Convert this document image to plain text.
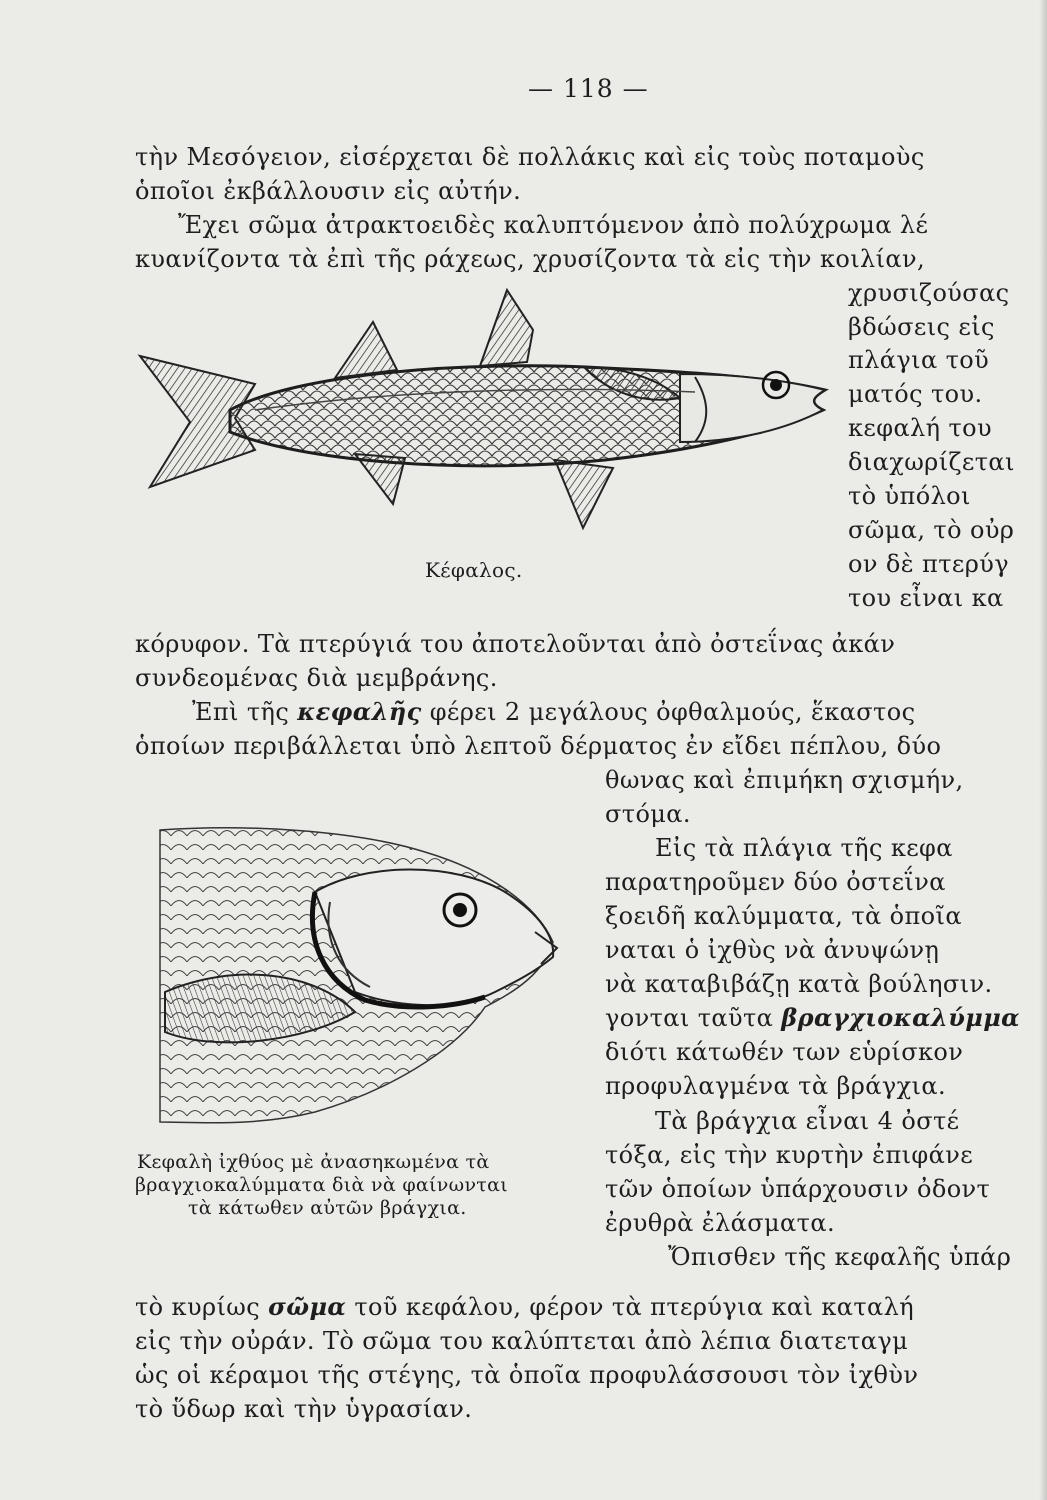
— 118 —
τὴν Μεσόγειον, εἰσέρχεται δὲ πολλάκις καὶ εἰς τοὺς ποταμοὺς
ὁποῖοι ἐκβάλλουσιν εἰς αὐτήν.
Ἔχει σῶμα ἀτρακτοειδὲς καλυπτόμενον ἀπὸ πολύχρωμα λέ
κυανίζοντα τὰ ἐπὶ τῆς ράχεως, χρυσίζοντα τὰ εἰς τὴν κοιλίαν,
χρυσιζούσας
βδώσεις εἰς
πλάγια τοῦ
ματός του.
κεφαλή του
διαχωρίζεται
τὸ ὑπόλοι
σῶμα, τὸ οὐρ
ον δὲ πτερύγ
του εἶναι κα
Κέφαλος.
κόρυφον. Τὰ πτερύγιά του ἀποτελοῦνται ἀπὸ ὀστεΐνας ἀκάν
συνδεομένας διὰ μεμβράνης.
Ἐπὶ τῆς κεφαλῆς φέρει 2 μεγάλους ὀφθαλμούς, ἕκαστος
ὁποίων περιβάλλεται ὑπὸ λεπτοῦ δέρματος ἐν εἴδει πέπλου, δύο
θωνας καὶ ἐπιμήκη σχισμήν,
στόμα.
Εἰς τὰ πλάγια τῆς κεφα
παρατηροῦμεν δύο ὀστεΐνα
ξοειδῆ καλύμματα, τὰ ὁποῖα
ναται ὁ ἰχθὺς νὰ ἀνυψώνῃ
νὰ καταβιβάζῃ κατὰ βούλησιν.
γονται ταῦτα βραγχιοκαλύμμα
διότι κάτωθέν των εὑρίσκον
προφυλαγμένα τὰ βράγχια.
Τὰ βράγχια εἶναι 4 ὀστέ
τόξα, εἰς τὴν κυρτὴν ἐπιφάνε
τῶν ὁποίων ὑπάρχουσιν ὀδοντ
ἐρυθρὰ ἐλάσματα.
Ὄπισθεν τῆς κεφαλῆς ὑπάρ
Κεφαλὴ ἰχθύος μὲ ἀνασηκωμένα τὰ
βραγχιοκαλύμματα διὰ νὰ φαίνωνται
τὰ κάτωθεν αὐτῶν βράγχια.
τὸ κυρίως σῶμα τοῦ κεφάλου, φέρον τὰ πτερύγια καὶ καταλή
εἰς τὴν οὐράν. Τὸ σῶμα του καλύπτεται ἀπὸ λέπια διατεταγμ
ὡς οἱ κέραμοι τῆς στέγης, τὰ ὁποῖα προφυλάσσουσι τὸν ἰχθὺν
τὸ ὕδωρ καὶ τὴν ὑγρασίαν.
